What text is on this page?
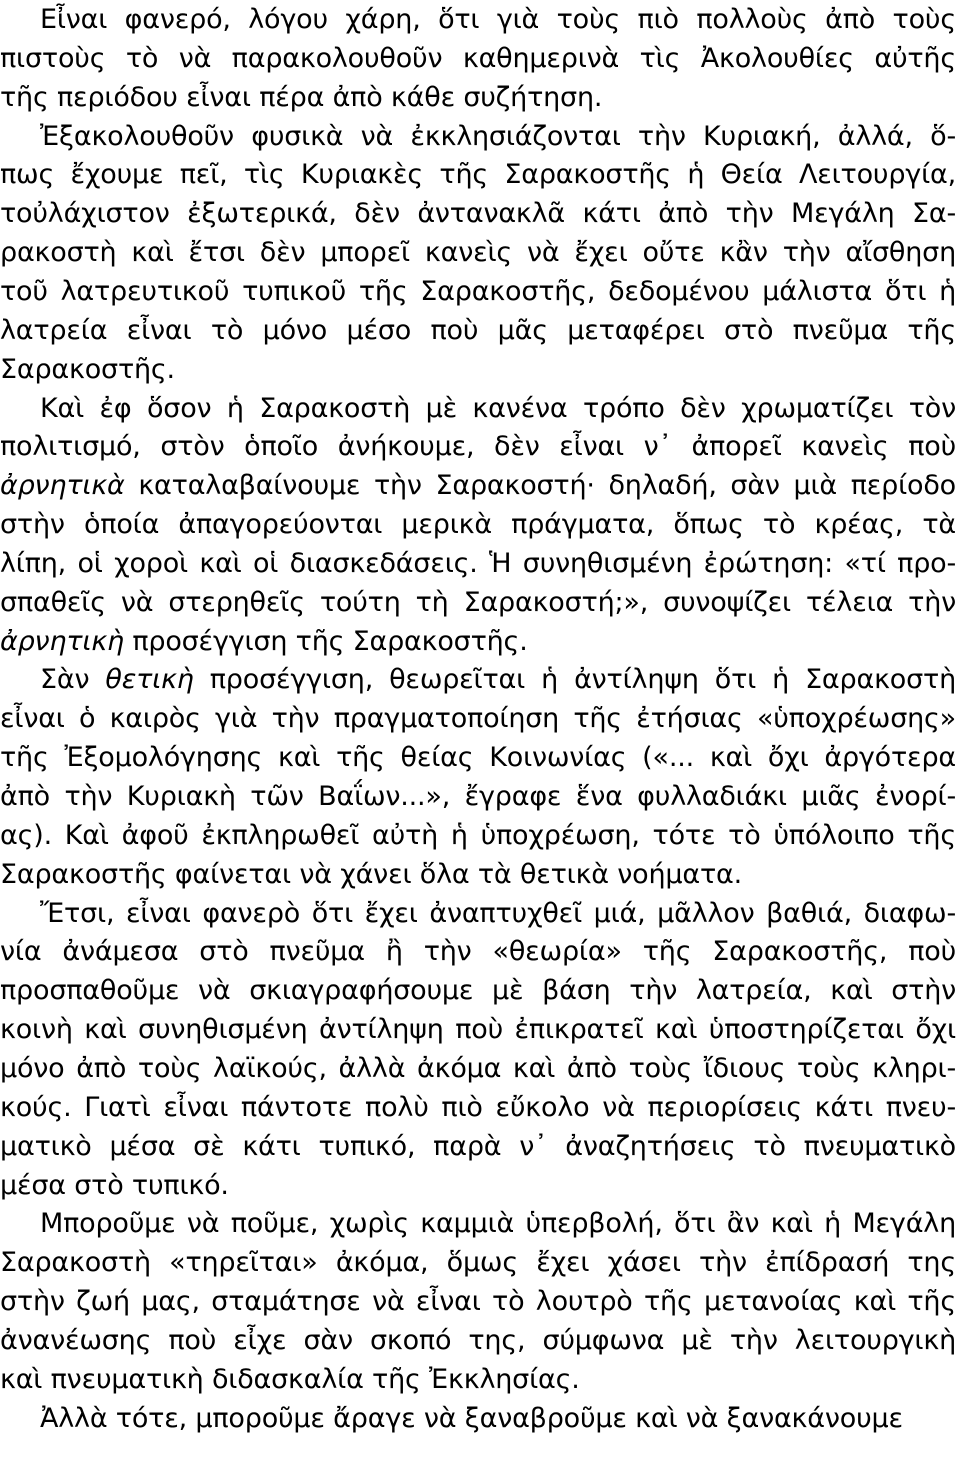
Εἶναι φανερό, λόγου χάρη, ὅτι γιὰ τοὺς πιὸ πολλοὺς ἀπὸ τοὺς
πιστοὺς τὸ νὰ παρακολουθοῦν καθημερινὰ τὶς Ἀκολουθίες αὐτῆς
τῆς περιόδου εἶναι πέρα ἀπὸ κάθε συζήτηση.
Ἐξακολουθοῦν φυσικὰ νὰ ἐκκλησιάζονται τὴν Κυριακή, ἀλλά, ὅ-
πως ἔχουμε πεῖ, τὶς Κυριακὲς τῆς Σαρακοστῆς ἡ Θεία Λειτουργία,
τοὐλάχιστον ἐξωτερικά, δὲν ἀντανακλᾶ κάτι ἀπὸ τὴν Μεγάλη Σα-
ρακοστὴ καὶ ἔτσι δὲν μπορεῖ κανεὶς νὰ ἔχει οὔτε κἂν τὴν αἴσθηση
τοῦ λατρευτικοῦ τυπικοῦ τῆς Σαρακοστῆς, δεδομένου μάλιστα ὅτι ἡ
λατρεία εἶναι τὸ μόνο μέσο ποὺ μᾶς μεταφέρει στὸ πνεῦμα τῆς
Σαρακοστῆς.
Καὶ ἐφ ὅσον ἡ Σαρακοστὴ μὲ κανένα τρόπο δὲν χρωματίζει τὸν
πολιτισμό, στὸν ὁποῖο ἀνήκουμε, δὲν εἶναι ν᾿ ἀπορεῖ κανεὶς ποὺ
ἀρνητικὰ καταλαβαίνουμε τὴν Σαρακοστή· δηλαδή, σὰν μιὰ περίοδο
στὴν ὁποία ἀπαγορεύονται μερικὰ πράγματα, ὅπως τὸ κρέας, τὰ
λίπη, οἱ χοροὶ καὶ οἱ διασκεδάσεις. Ἡ συνηθισμένη ἐρώτηση: «τί προ-
σπαθεῖς νὰ στερηθεῖς τούτη τὴ Σαρακοστή;», συνοψίζει τέλεια τὴν
ἀρνητικὴ προσέγγιση τῆς Σαρακοστῆς.
Σὰν θετικὴ προσέγγιση, θεωρεῖται ἡ ἀντίληψη ὅτι ἡ Σαρακοστὴ
εἶναι ὁ καιρὸς γιὰ τὴν πραγματοποίηση τῆς ἐτήσιας «ὑποχρέωσης»
τῆς Ἐξομολόγησης καὶ τῆς θείας Κοινωνίας («... καὶ ὄχι ἀργότερα
ἀπὸ τὴν Κυριακὴ τῶν Βαΐων...», ἔγραφε ἕνα φυλλαδιάκι μιᾶς ἐνορί-
ας). Καὶ ἀφοῦ ἐκπληρωθεῖ αὐτὴ ἡ ὑποχρέωση, τότε τὸ ὑπόλοιπο τῆς
Σαρακοστῆς φαίνεται νὰ χάνει ὅλα τὰ θετικὰ νοήματα.
Ἔτσι, εἶναι φανερὸ ὅτι ἔχει ἀναπτυχθεῖ μιά, μᾶλλον βαθιά, διαφω-
νία ἀνάμεσα στὸ πνεῦμα ἢ τὴν «θεωρία» τῆς Σαρακοστῆς, ποὺ
προσπαθοῦμε νὰ σκιαγραφήσουμε μὲ βάση τὴν λατρεία, καὶ στὴν
κοινὴ καὶ συνηθισμένη ἀντίληψη ποὺ ἐπικρατεῖ καὶ ὑποστηρίζεται ὄχι
μόνο ἀπὸ τοὺς λαϊκούς, ἀλλὰ ἀκόμα καὶ ἀπὸ τοὺς ἴδιους τοὺς κληρι-
κούς. Γιατὶ εἶναι πάντοτε πολὺ πιὸ εὔκολο νὰ περιορίσεις κάτι πνευ-
ματικὸ μέσα σὲ κάτι τυπικό, παρὰ ν᾿ ἀναζητήσεις τὸ πνευματικὸ
μέσα στὸ τυπικό.
Μποροῦμε νὰ ποῦμε, χωρὶς καμμιὰ ὑπερβολή, ὅτι ἂν καὶ ἡ Μεγάλη
Σαρακοστὴ «τηρεῖται» ἀκόμα, ὅμως ἔχει χάσει τὴν ἐπίδρασή της
στὴν ζωή μας, σταμάτησε νὰ εἶναι τὸ λουτρὸ τῆς μετανοίας καὶ τῆς
ἀνανέωσης ποὺ εἶχε σὰν σκοπό της, σύμφωνα μὲ τὴν λειτουργικὴ
καὶ πνευματικὴ διδασκαλία τῆς Ἐκκλησίας.
Ἀλλὰ τότε, μποροῦμε ἄραγε νὰ ξαναβροῦμε καὶ νὰ ξανακάνουμε
